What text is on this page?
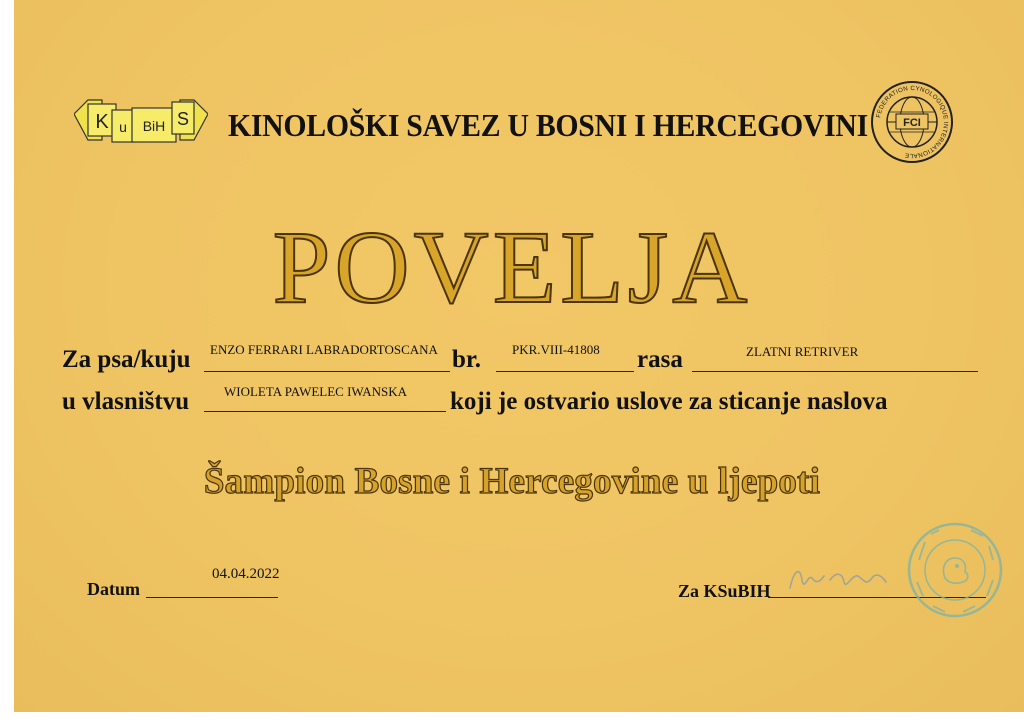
K u BiH S KINOLOŠKI SAVEZ U BOSNI I HERCEGOVINI	FCI
FEDERATION CYNOLOGIQUE INTERNATIONALE
POVELJA
Za psa/kuju ENZO FERRARI LABRADORTOSCANA br. PKR.VIII-41808 rasa	ZLATNI RETRIVER
u vlasništvu	WIOLETA PAWELEC IWANSKA koji je ostvario uslove za sticanje naslova
Šampion Bosne i Hercegovine u ljepoti
Datum
04.04.2022
Za KSuBIH
